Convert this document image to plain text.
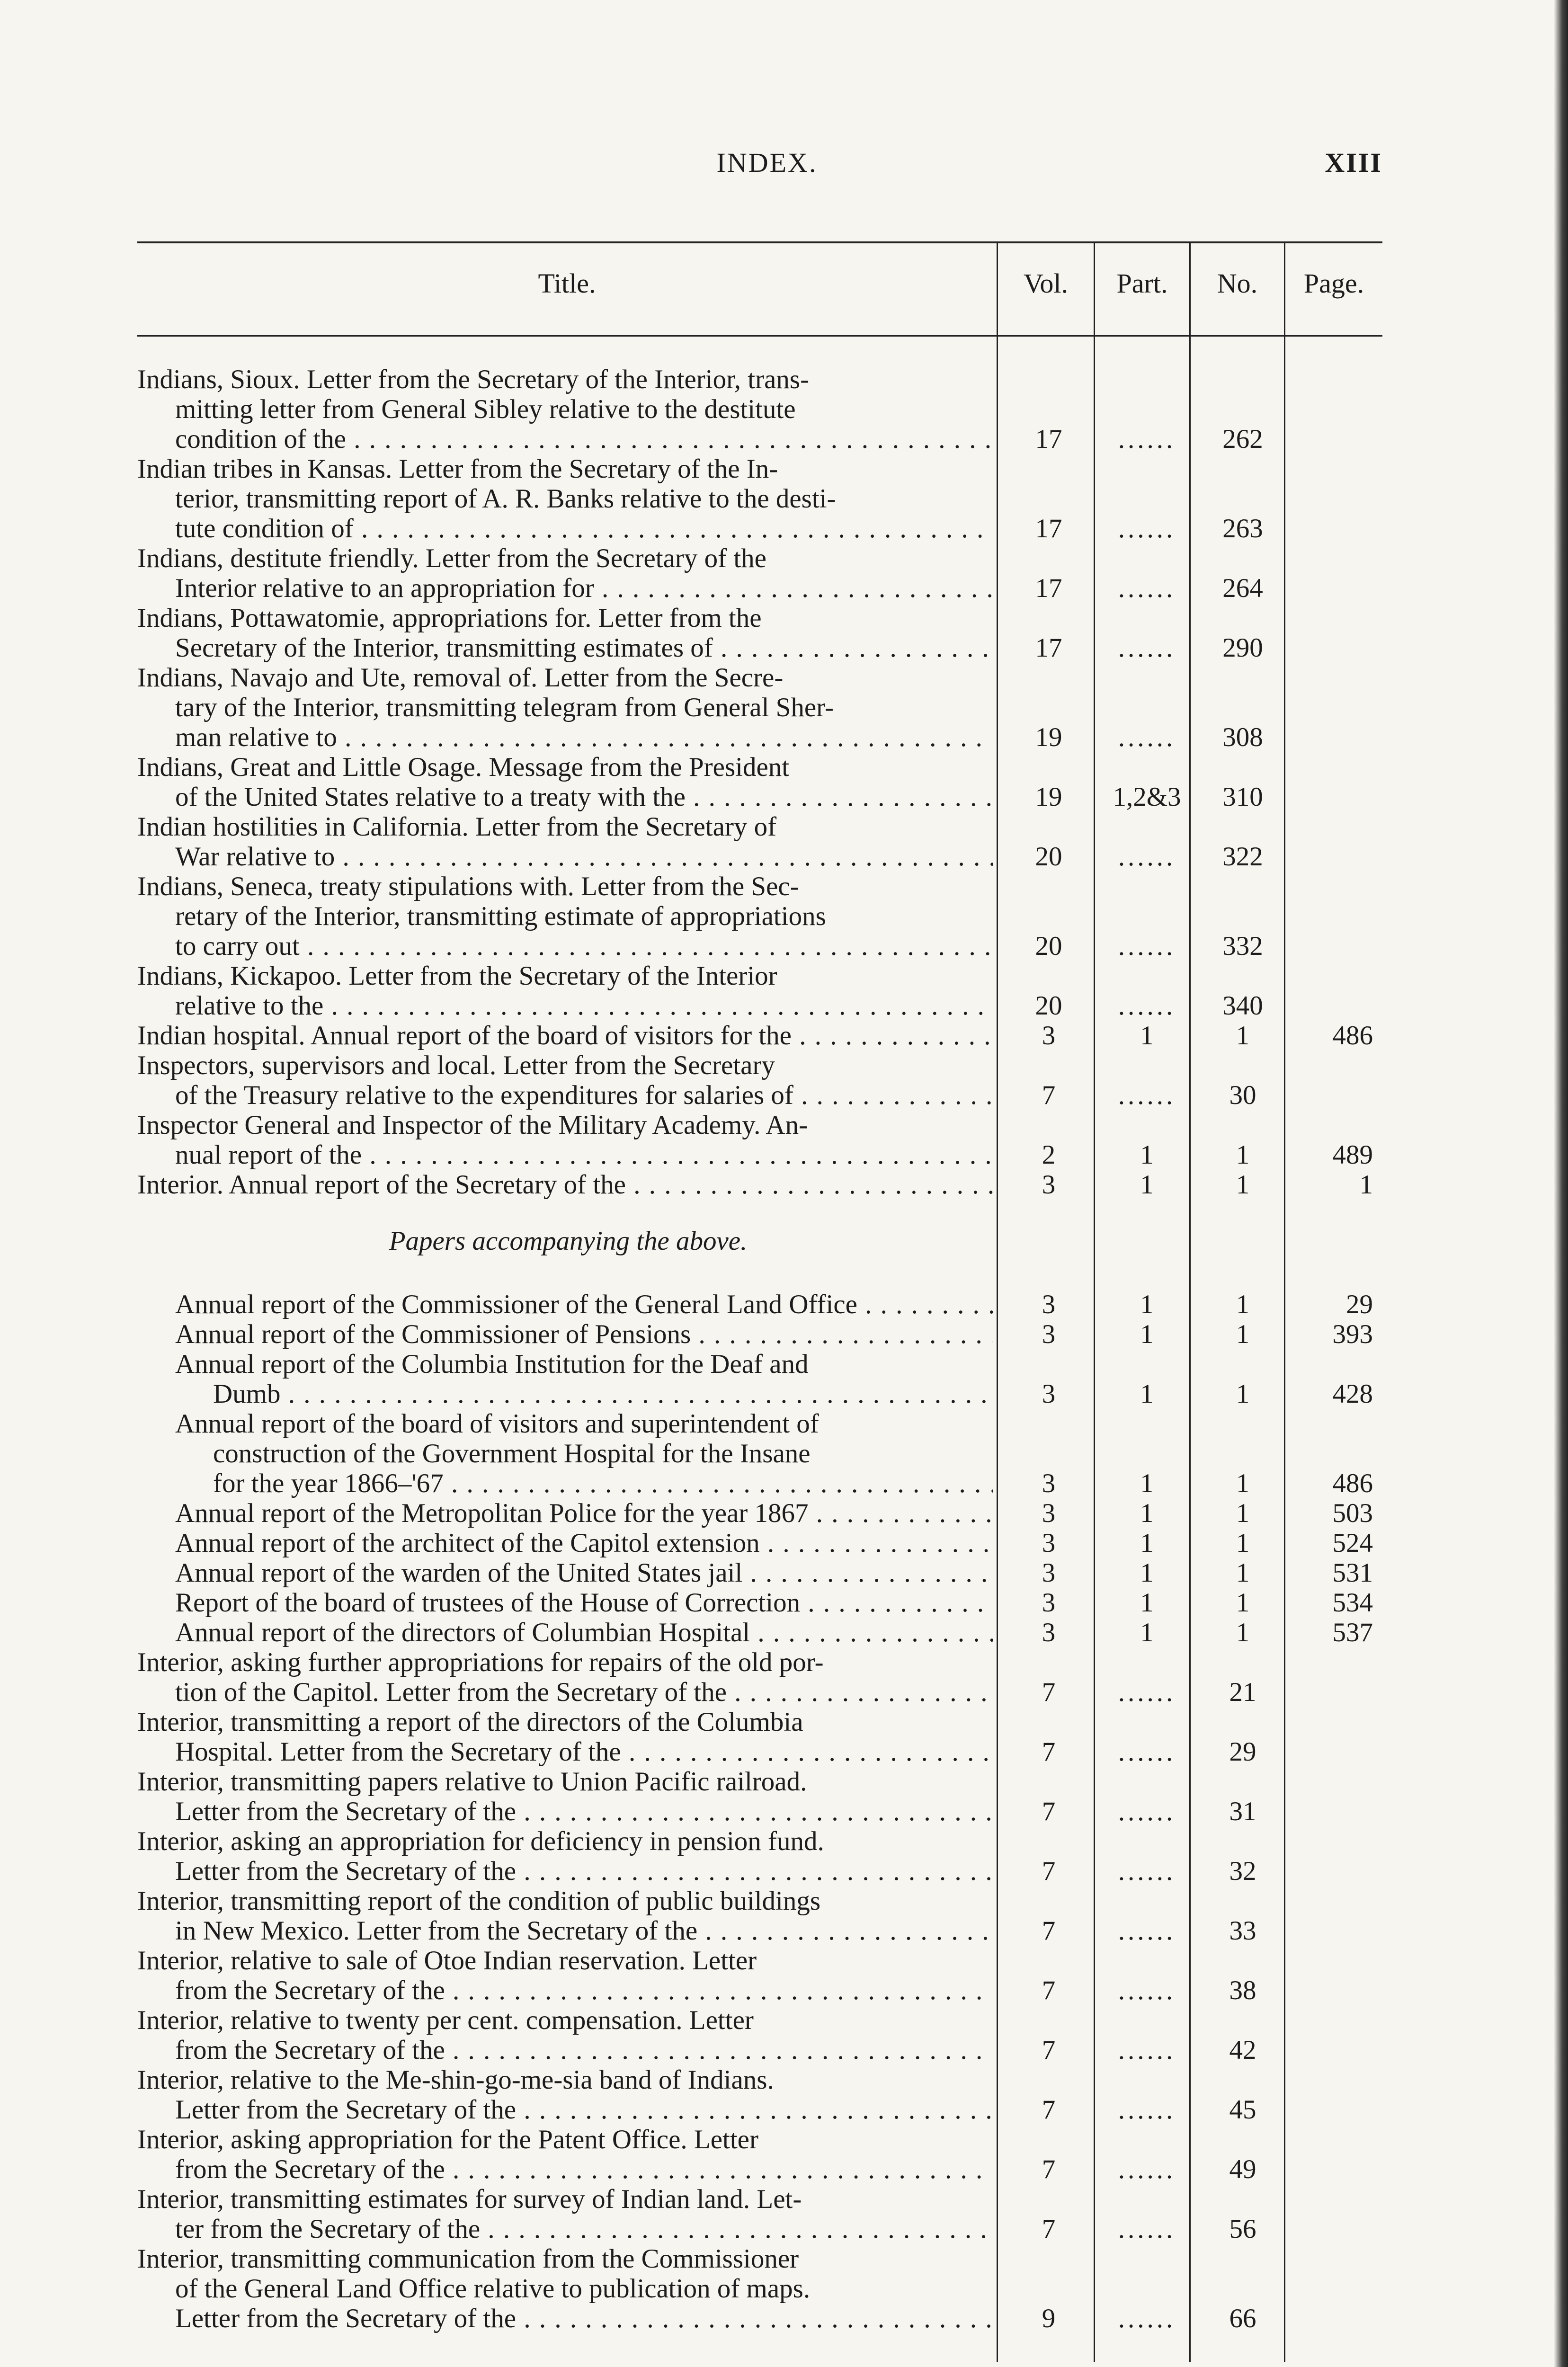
INDEX.	XIII
Title.	Vol.	Part.	No.	Page.
Indians, Sioux. Letter from the Secretary of the Interior, trans-
mitting letter from General Sibley relative to the destitute
condition of the . . .	17	......	262
Indian tribes in Kansas. Letter from the Secretary of the In-
terior, transmitting report of A. R. Banks relative to the desti-
tute condition of . . .	17	......	263
Indians, destitute friendly. Letter from the Secretary of the
Interior relative to an appropriation for . . .	17	......	264
Indians, Pottawatomie, appropriations for. Letter from the
Secretary of the Interior, transmitting estimates of . . .	17	......	290
Indians, Navajo and Ute, removal of. Letter from the Secre-
tary of the Interior, transmitting telegram from General Sher-
man relative to . . .	19	......	308
Indians, Great and Little Osage. Message from the President
of the United States relative to a treaty with the . . .	19	1,2&3	310
Indian hostilities in California. Letter from the Secretary of
War relative to . . .	20	......	322
Indians, Seneca, treaty stipulations with. Letter from the Sec-
retary of the Interior, transmitting estimate of appropriations
to carry out . . .	20	......	332
Indians, Kickapoo. Letter from the Secretary of the Interior
relative to the . . .	20	......	340
Indian hospital. Annual report of the board of visitors for the . . .	3	1	1	486
Inspectors, supervisors and local. Letter from the Secretary
of the Treasury relative to the expenditures for salaries of . . .	7	......	30
Inspector General and Inspector of the Military Academy. An-
nual report of the . . .	2	1	1	489
Interior. Annual report of the Secretary of the . . .	3	1	1	1
Papers accompanying the above.
Annual report of the Commissioner of the General Land Office . . .	3	1	1	29
Annual report of the Commissioner of Pensions . . .	3	1	1	393
Annual report of the Columbia Institution for the Deaf and
Dumb . . .	3	1	1	428
Annual report of the board of visitors and superintendent of
construction of the Government Hospital for the Insane
for the year 1866–'67 . . .	3	1	1	486
Annual report of the Metropolitan Police for the year 1867 . . .	3	1	1	503
Annual report of the architect of the Capitol extension . . .	3	1	1	524
Annual report of the warden of the United States jail . . .	3	1	1	531
Report of the board of trustees of the House of Correction . . .	3	1	1	534
Annual report of the directors of Columbian Hospital . . .	3	1	1	537
Interior, asking further appropriations for repairs of the old por-
tion of the Capitol. Letter from the Secretary of the . . .	7	......	21
Interior, transmitting a report of the directors of the Columbia
Hospital. Letter from the Secretary of the . . .	7	......	29
Interior, transmitting papers relative to Union Pacific railroad.
Letter from the Secretary of the . . .	7	......	31
Interior, asking an appropriation for deficiency in pension fund.
Letter from the Secretary of the . . .	7	......	32
Interior, transmitting report of the condition of public buildings
in New Mexico. Letter from the Secretary of the . . .	7	......	33
Interior, relative to sale of Otoe Indian reservation. Letter
from the Secretary of the . . .	7	......	38
Interior, relative to twenty per cent. compensation. Letter
from the Secretary of the . . .	7	......	42
Interior, relative to the Me-shin-go-me-sia band of Indians.
Letter from the Secretary of the . . .	7	......	45
Interior, asking appropriation for the Patent Office. Letter
from the Secretary of the . . .	7	......	49
Interior, transmitting estimates for survey of Indian land. Let-
ter from the Secretary of the . . .	7	......	56
Interior, transmitting communication from the Commissioner
of the General Land Office relative to publication of maps.
Letter from the Secretary of the . . .	9	......	66
